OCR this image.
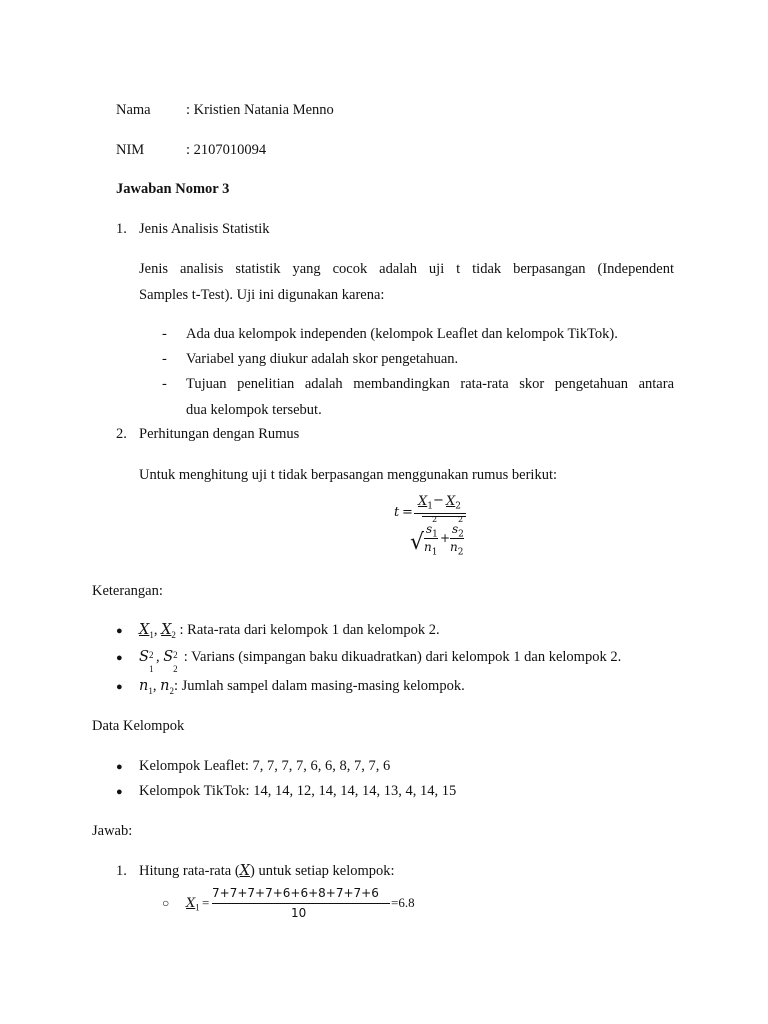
Nama : Kristien Natania Menno
NIM	: 2107010094
Jawaban Nomor 3
1. Jenis Analisis Statistik
Jenis analisis statistik yang cocok adalah uji t tidak berpasangan (Independent
Samples t-Test). Uji ini digunakan karena:
- Ada dua kelompok independen (kelompok Leaflet dan kelompok TikTok).
- Variabel yang diukur adalah skor pengetahuan.
- Tujuan penelitian adalah membandingkan rata-rata skor pengetahuan antara
dua kelompok tersebut.
2. Perhitungan dengan Rumus
Untuk menghitung uji t tidak berpasangan menggunakan rumus berikut:
t =
$X_1 - X_2$
√
$s_1$
2
$n_1$
+
$s_2$
2
$n_2$
Keterangan:
● $X_1$, $X_2$ : Rata-rata dari kelompok 1 dan kelompok 2.
● S 2
1
, S 2
2
: Varians (simpangan baku dikuadratkan) dari kelompok 1 dan kelompok 2.
● $n_1$, $n_2$: Jumlah sampel dalam masing-masing kelompok.
Data Kelompok
● Kelompok Leaflet: 7, 7, 7, 7, 6, 6, 8, 7, 7, 6
● Kelompok TikTok: 14, 14, 12, 14, 14, 14, 13, 4, 14, 15
Jawab:
1. Hitung rata-rata (X) untuk setiap kelompok:
○ $X_1$ =
7+7+7+7+6+6+8+7+7+6
10
=6.8
